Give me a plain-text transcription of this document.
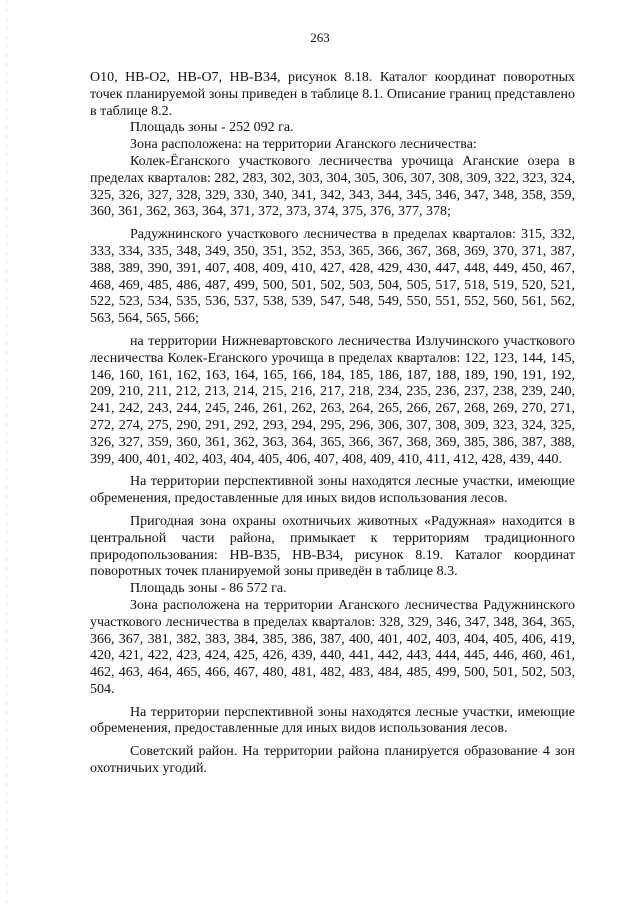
263

О10, НВ-О2, НВ-О7, НВ-В34, рисунок 8.18. Каталог координат поворотных точек планируемой зоны приведен в таблице 8.1. Описание границ представлено в таблице 8.2.

Площадь зоны - 252 092 га.

Зона расположена: на территории Аганского лесничества:

Колек-Ёганского участкового лесничества урочища Аганские озера в пределах кварталов: 282, 283, 302, 303, 304, 305, 306, 307, 308, 309, 322, 323, 324, 325, 326, 327, 328, 329, 330, 340, 341, 342, 343, 344, 345, 346, 347, 348, 358, 359, 360, 361, 362, 363, 364, 371, 372, 373, 374, 375, 376, 377, 378;

Радужнинского участкового лесничества в пределах кварталов: 315, 332, 333, 334, 335, 348, 349, 350, 351, 352, 353, 365, 366, 367, 368, 369, 370, 371, 387, 388, 389, 390, 391, 407, 408, 409, 410, 427, 428, 429, 430, 447, 448, 449, 450, 467, 468, 469, 485, 486, 487, 499, 500, 501, 502, 503, 504, 505, 517, 518, 519, 520, 521, 522, 523, 534, 535, 536, 537, 538, 539, 547, 548, 549, 550, 551, 552, 560, 561, 562, 563, 564, 565, 566;

на территории Нижневартовского лесничества Излучинского участкового лесничества Колек-Еганского урочища в пределах кварталов: 122, 123, 144, 145, 146, 160, 161, 162, 163, 164, 165, 166, 184, 185, 186, 187, 188, 189, 190, 191, 192, 209, 210, 211, 212, 213, 214, 215, 216, 217, 218, 234, 235, 236, 237, 238, 239, 240, 241, 242, 243, 244, 245, 246, 261, 262, 263, 264, 265, 266, 267, 268, 269, 270, 271, 272, 274, 275, 290, 291, 292, 293, 294, 295, 296, 306, 307, 308, 309, 323, 324, 325, 326, 327, 359, 360, 361, 362, 363, 364, 365, 366, 367, 368, 369, 385, 386, 387, 388, 399, 400, 401, 402, 403, 404, 405, 406, 407, 408, 409, 410, 411, 412, 428, 439, 440.

На территории перспективной зоны находятся лесные участки, имеющие обременения, предоставленные для иных видов использования лесов.

Пригодная зона охраны охотничьих животных «Радужная» находится в центральной части района, примыкает к территориям традиционного природопользования: НВ-В35, НВ-В34, рисунок 8.19. Каталог координат поворотных точек планируемой зоны приведён в таблице 8.3.

Площадь зоны - 86 572 га.

Зона расположена на территории Аганского лесничества Радужнинского участкового лесничества в пределах кварталов: 328, 329, 346, 347, 348, 364, 365, 366, 367, 381, 382, 383, 384, 385, 386, 387, 400, 401, 402, 403, 404, 405, 406, 419, 420, 421, 422, 423, 424, 425, 426, 439, 440, 441, 442, 443, 444, 445, 446, 460, 461, 462, 463, 464, 465, 466, 467, 480, 481, 482, 483, 484, 485, 499, 500, 501, 502, 503, 504.

На территории перспективной зоны находятся лесные участки, имеющие обременения, предоставленные для иных видов использования лесов.

Советский район. На территории района планируется образование 4 зон охотничьих угодий.
